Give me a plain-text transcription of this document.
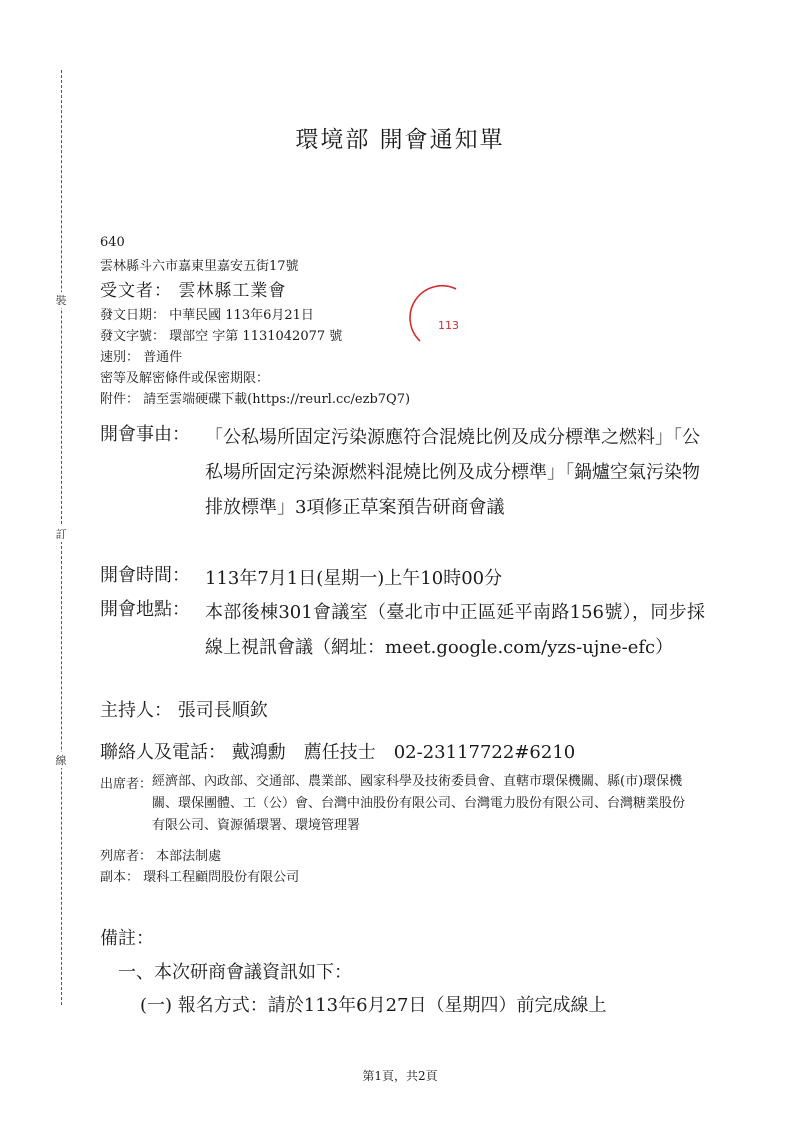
裝
訂
線
環境部 開會通知單
640
雲林縣斗六市嘉東里嘉安五街17號
受文者： 雲林縣工業會
發文日期： 中華民國 113年6月21日
發文字號： 環部空 字第 1131042077 號
速別： 普通件
密等及解密條件或保密期限：
附件： 請至雲端硬碟下載(https://reurl.cc/ezb7Q7)
113
開會事由： 「公私場所固定污染源應符合混燒比例及成分標準之燃料」「公私場所固定污染源燃料混燒比例及成分標準」「鍋爐空氣污染物排放標準」3項修正草案預告研商會議
開會時間： 113年7月1日(星期一)上午10時00分
開會地點： 本部後棟301會議室（臺北市中正區延平南路156號），同步採線上視訊會議（網址：meet.google.com/yzs-ujne-efc）
主持人： 張司長順欽
聯絡人及電話： 戴鴻勳　薦任技士　02-23117722#6210
出席者： 經濟部、內政部、交通部、農業部、國家科學及技術委員會、直轄市環保機關、縣(市)環保機關、環保團體、工（公）會、台灣中油股份有限公司、台灣電力股份有限公司、台灣糖業股份有限公司、資源循環署、環境管理署
列席者： 本部法制處
副本： 環科工程顧問股份有限公司
備註：
一、本次研商會議資訊如下：
(一) 報名方式：請於113年6月27日（星期四）前完成線上
第1頁，共2頁
